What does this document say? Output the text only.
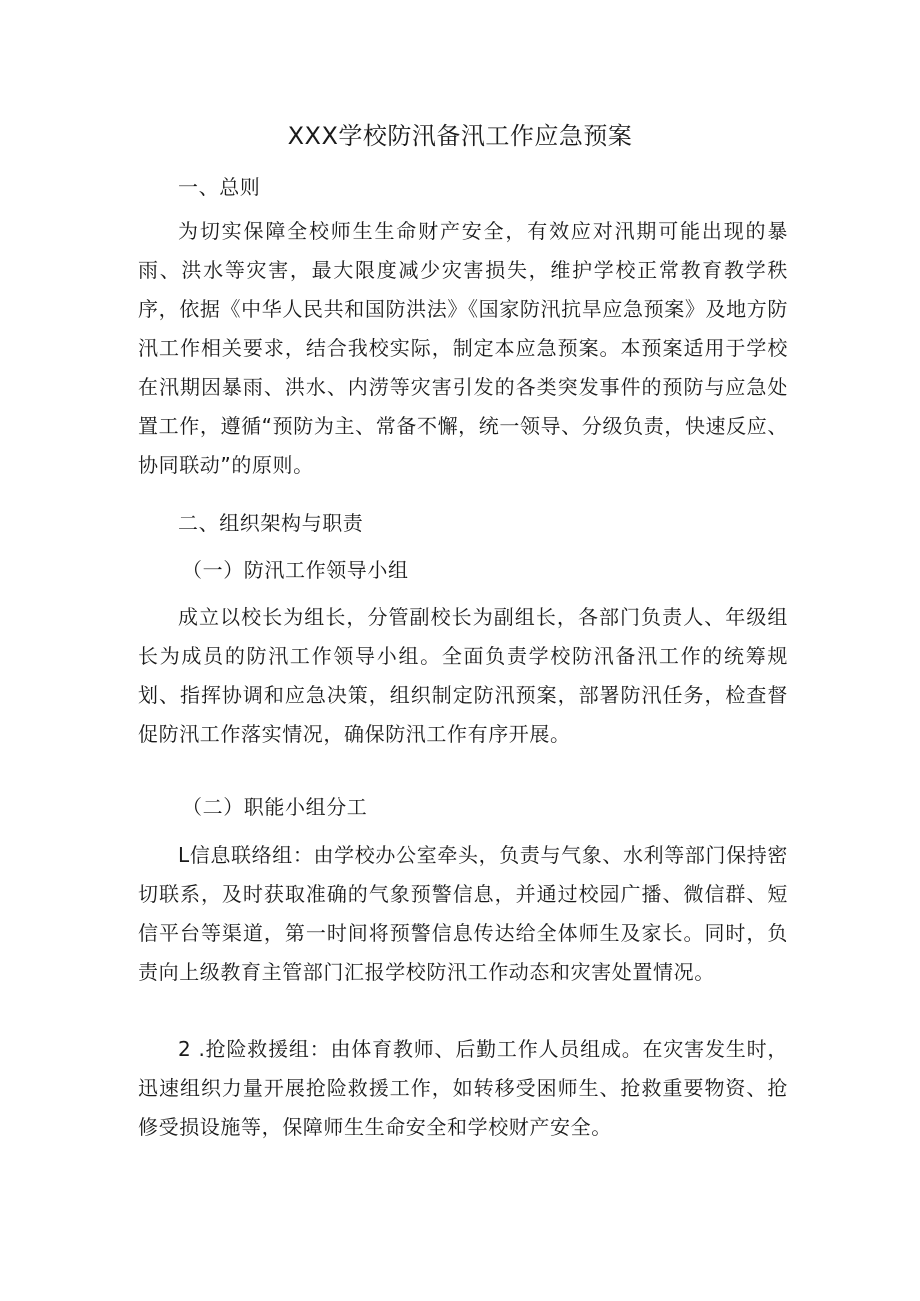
XXX学校防汛备汛工作应急预案
一、总则

为切实保障全校师生生命财产安全，有效应对汛期可能出现的暴雨、洪水等灾害，最大限度减少灾害损失，维护学校正常教育教学秩序，依据《中华人民共和国防洪法》《国家防汛抗旱应急预案》及地方防汛工作相关要求，结合我校实际，制定本应急预案。本预案适用于学校在汛期因暴雨、洪水、内涝等灾害引发的各类突发事件的预防与应急处置工作，遵循“预防为主、常备不懈，统一领导、分级负责，快速反应、协同联动”的原则。

二、组织架构与职责
（一）防汛工作领导小组

成立以校长为组长，分管副校长为副组长，各部门负责人、年级组长为成员的防汛工作领导小组。全面负责学校防汛备汛工作的统筹规划、指挥协调和应急决策，组织制定防汛预案，部署防汛任务，检查督促防汛工作落实情况，确保防汛工作有序开展。

（二）职能小组分工

L信息联络组：由学校办公室牵头，负责与气象、水利等部门保持密切联系，及时获取准确的气象预警信息，并通过校园广播、微信群、短信平台等渠道，第一时间将预警信息传达给全体师生及家长。同时，负责向上级教育主管部门汇报学校防汛工作动态和灾害处置情况。

2 .抢险救援组：由体育教师、后勤工作人员组成。在灾害发生时，迅速组织力量开展抢险救援工作，如转移受困师生、抢救重要物资、抢修受损设施等，保障师生生命安全和学校财产安全。
